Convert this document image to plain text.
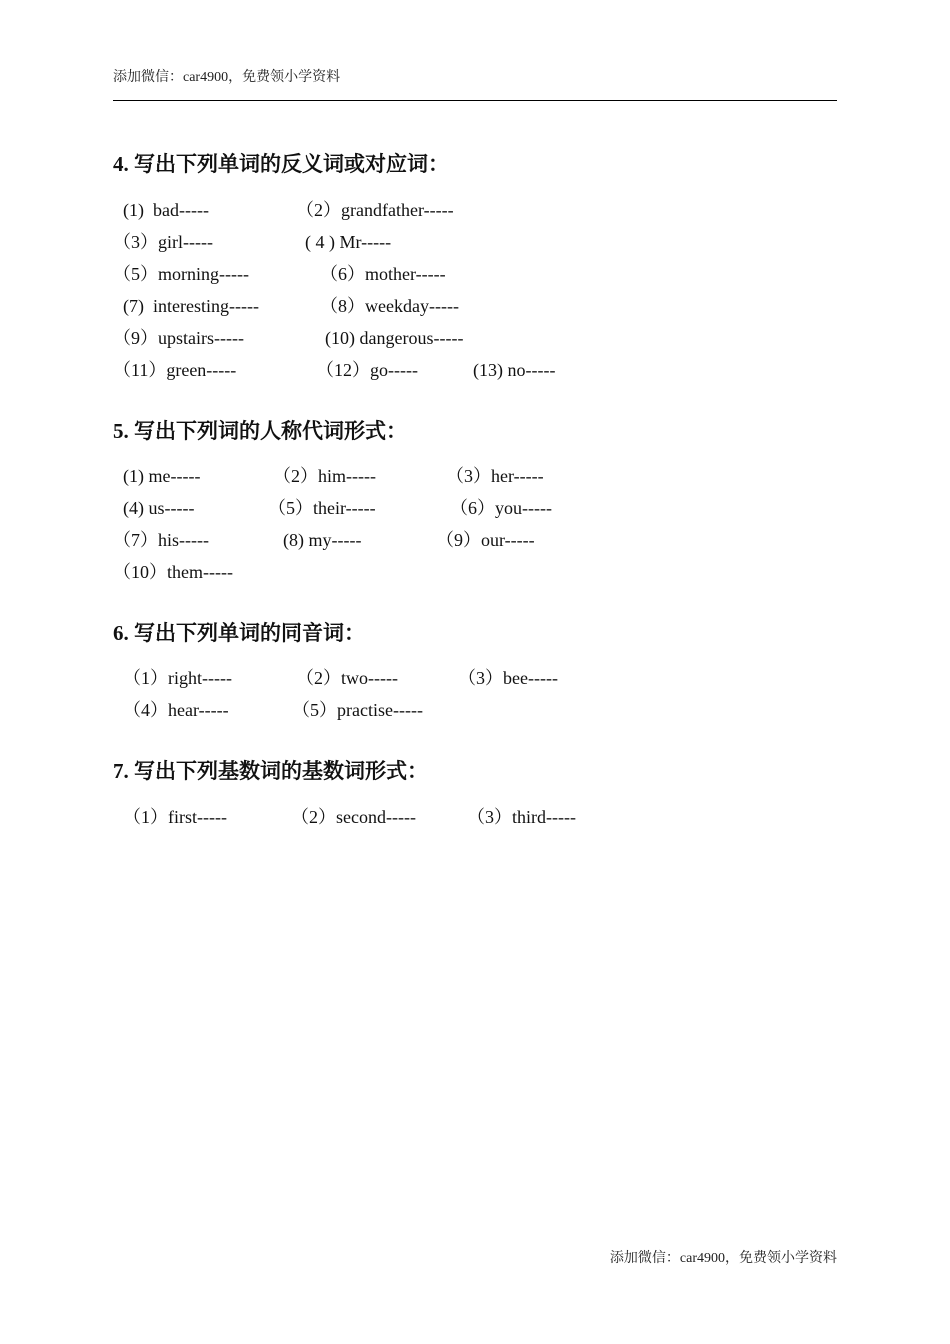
添加微信：car4900，免费领小学资料
4. 写出下列单词的反义词或对应词：
(1)  bad-----	（2）grandfather-----
（3）girl-----	( 4 ) Mr-----
（5）morning-----	（6）mother-----
(7)  interesting-----	（8）weekday-----
（9）upstairs-----	(10) dangerous-----
（11）green-----	（12）go-----	(13) no-----
5. 写出下列词的人称代词形式：
(1) me-----	（2）him-----	（3）her-----
(4) us-----	（5）their-----	（6）you-----
（7）his-----	(8) my-----	（9）our-----
（10）them-----
6. 写出下列单词的同音词：
（1）right-----	（2）two-----	（3）bee-----
（4）hear-----	（5）practise-----
7. 写出下列基数词的基数词形式：
（1）first-----	（2）second-----	（3）third-----
添加微信：car4900，免费领小学资料
